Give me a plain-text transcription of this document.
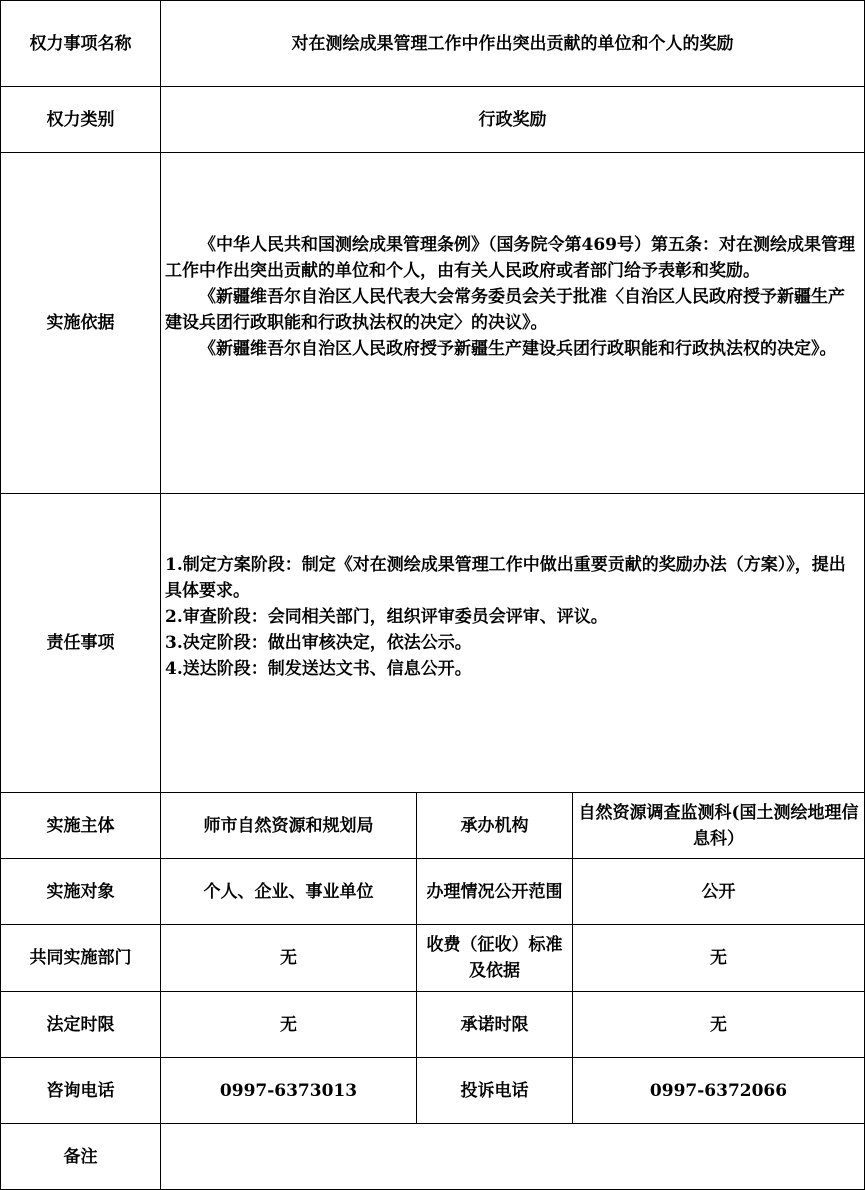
权力事项名称	对在测绘成果管理工作中作出突出贡献的单位和个人的奖励		
权力类别	行政奖励		
实施依据	《中华人民共和国测绘成果管理条例》（国务院令第469号）第五条：对在测绘成果管理工作中作出突出贡献的单位和个人，由有关人民政府或者部门给予表彰和奖励。

《新疆维吾尔自治区人民代表大会常务委员会关于批准〈自治区人民政府授予新疆生产建设兵团行政职能和行政执法权的决定〉的决议》。

《新疆维吾尔自治区人民政府授予新疆生产建设兵团行政职能和行政执法权的决定》。		

责任事项	1.制定方案阶段：制定《对在测绘成果管理工作中做出重要贡献的奖励办法（方案）》，提出具体要求。

2.审查阶段：会同相关部门，组织评审委员会评审、评议。

3.决定阶段：做出审核决定，依法公示。

4.送达阶段：制发送达文书、信息公开。		

实施主体	师市自然资源和规划局	承办机构	自然资源调查监测科(国土测绘地理信息科）
实施对象	个人、企业、事业单位	办理情况公开范围	公开
共同实施部门	无	收费（征收）标准及依据	无
法定时限	无	承诺时限	无
咨询电话	0997-6373013	投诉电话	0997-6372066
备注			
